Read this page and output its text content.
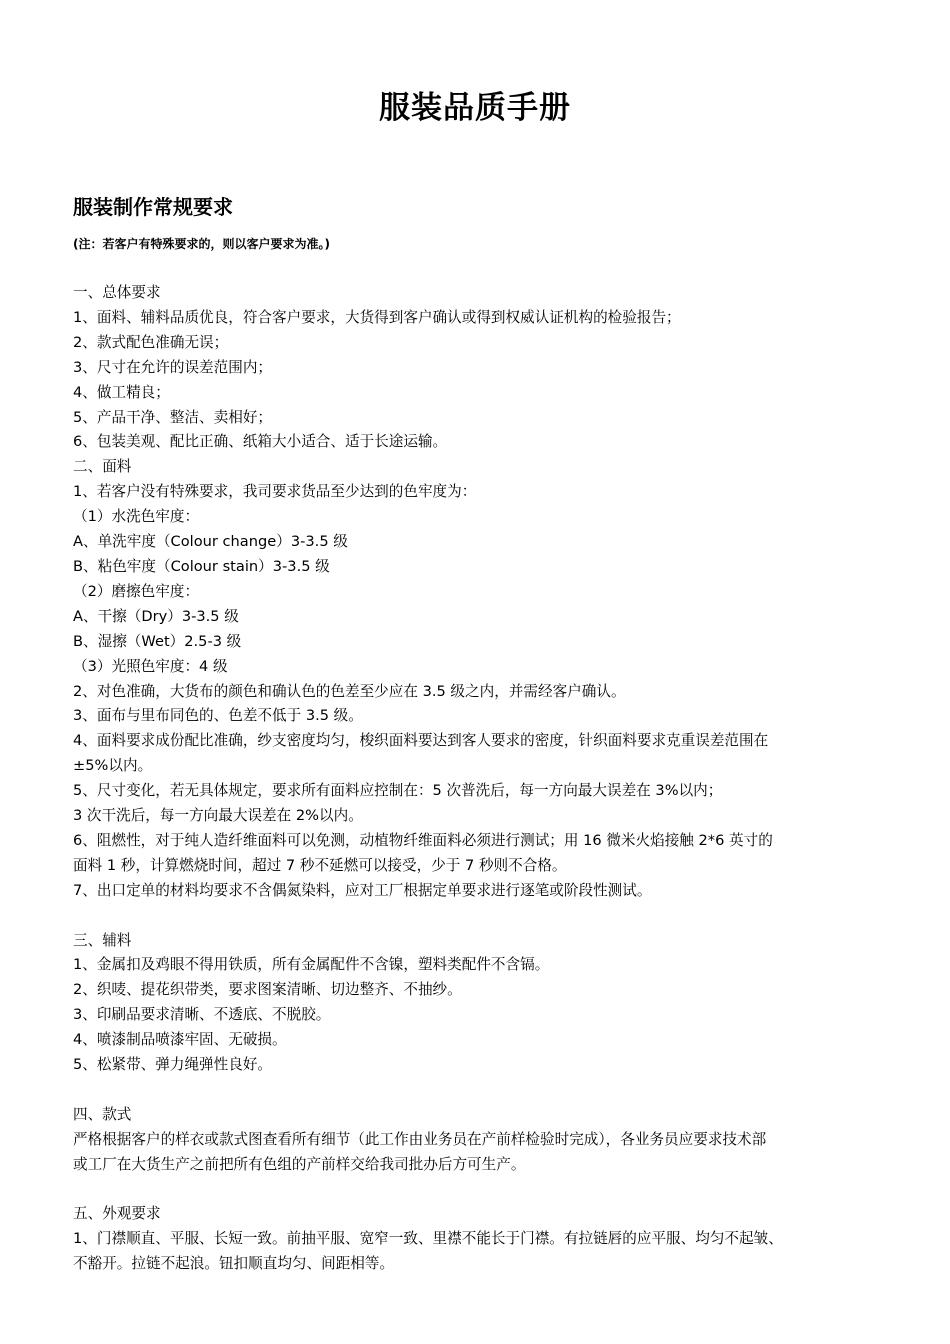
服装品质手册
服装制作常规要求

(注：若客户有特殊要求的，则以客户要求为准。)

一、总体要求

1、面料、辅料品质优良，符合客户要求，大货得到客户确认或得到权威认证机构的检验报告；

2、款式配色准确无误；

3、尺寸在允许的误差范围内；

4、做工精良；

5、产品干净、整洁、卖相好；

6、包装美观、配比正确、纸箱大小适合、适于长途运输。

二、面料

1、若客户没有特殊要求，我司要求货品至少达到的色牢度为：

（1）水洗色牢度：

A、单洗牢度（Colour change）3-3.5 级

B、粘色牢度（Colour stain）3-3.5 级

（2）磨擦色牢度：

A、干擦（Dry）3-3.5 级

B、湿擦（Wet）2.5-3 级

（3）光照色牢度：4 级

2、对色准确，大货布的颜色和确认色的色差至少应在 3.5 级之内，并需经客户确认。

3、面布与里布同色的、色差不低于 3.5 级。

4、面料要求成份配比准确，纱支密度均匀，梭织面料要达到客人要求的密度，针织面料要求克重误差范围在

±5%以内。

5、尺寸变化，若无具体规定，要求所有面料应控制在：5 次普洗后，每一方向最大误差在 3%以内；

3 次干洗后，每一方向最大误差在 2%以内。

6、阻燃性，对于纯人造纤维面料可以免测，动植物纤维面料必须进行测试；用 16 微米火焰接触 2*6 英寸的

面料 1 秒，计算燃烧时间，超过 7 秒不延燃可以接受，少于 7 秒则不合格。

7、出口定单的材料均要求不含偶氮染料，应对工厂根据定单要求进行逐笔或阶段性测试。

三、辅料

1、金属扣及鸡眼不得用铁质，所有金属配件不含镍，塑料类配件不含镉。

2、织唛、提花织带类，要求图案清晰、切边整齐、不抽纱。

3、印刷品要求清晰、不透底、不脱胶。

4、喷漆制品喷漆牢固、无破损。

5、松紧带、弹力绳弹性良好。

四、款式

严格根据客户的样衣或款式图查看所有细节（此工作由业务员在产前样检验时完成），各业务员应要求技术部

或工厂在大货生产之前把所有色组的产前样交给我司批办后方可生产。

五、外观要求

1、门襟顺直、平服、长短一致。前抽平服、宽窄一致、里襟不能长于门襟。有拉链唇的应平服、均匀不起皱、

不豁开。拉链不起浪。钮扣顺直均匀、间距相等。
